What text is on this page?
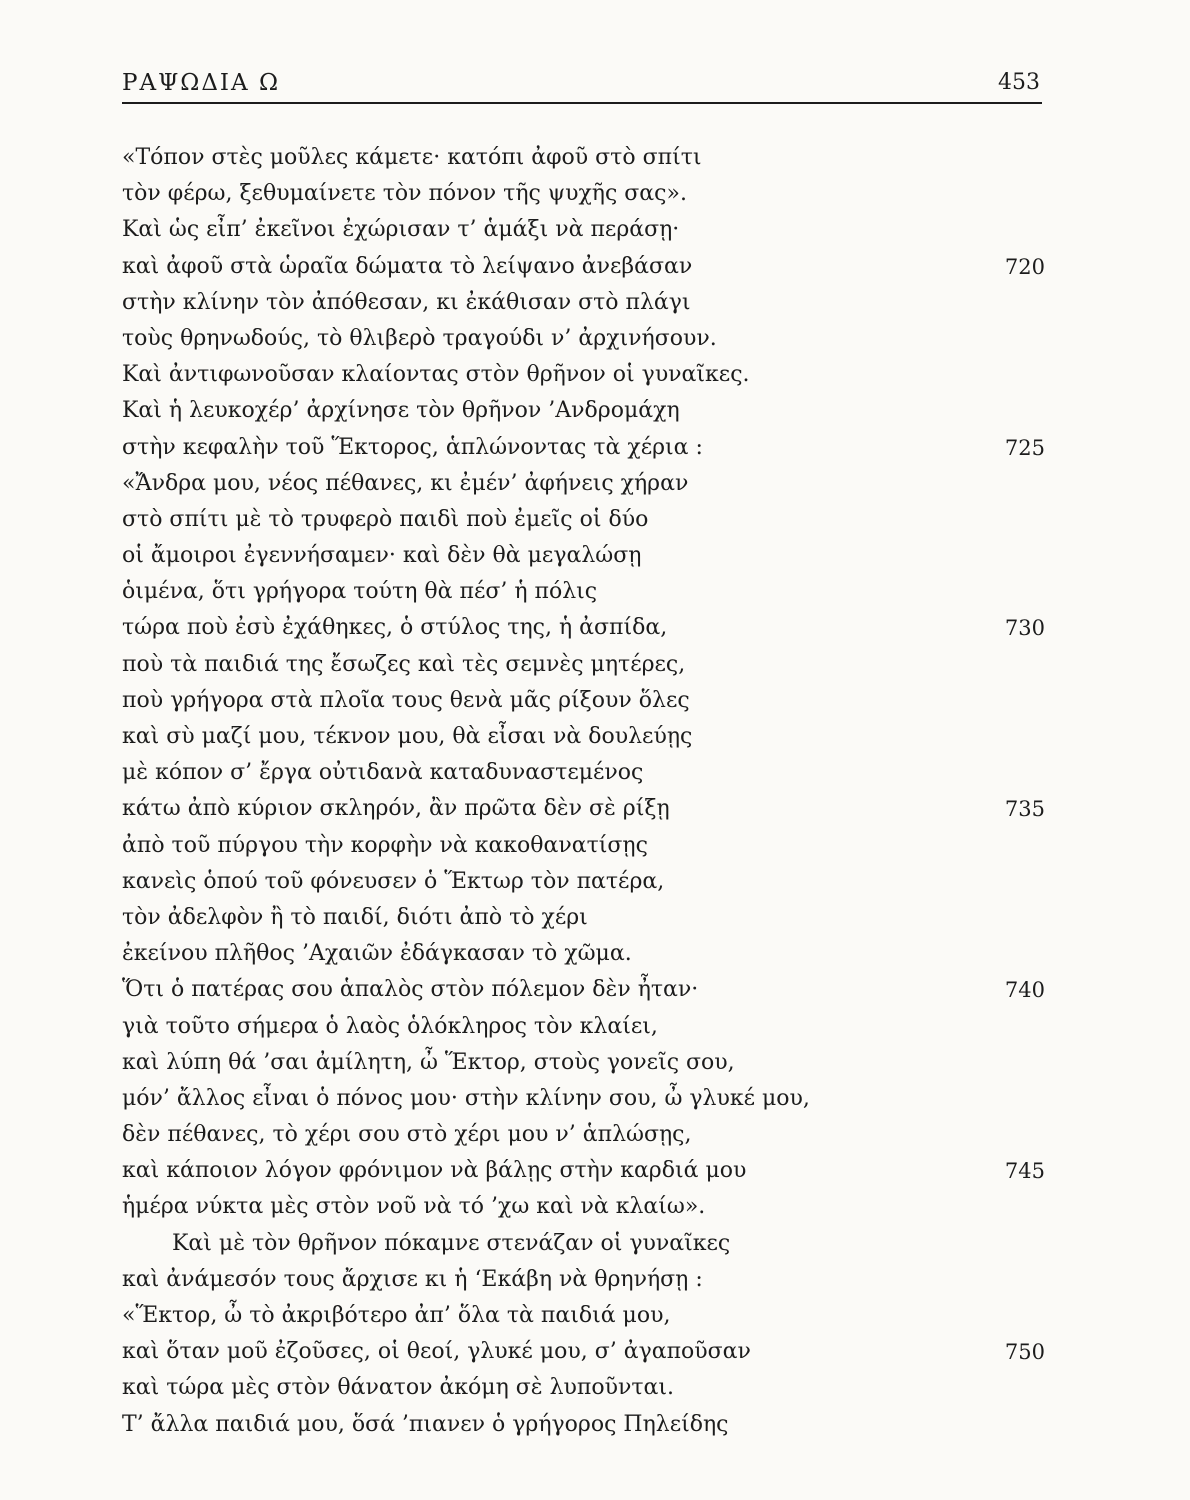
ΡΑΨΩΔΙΑ Ω	453
«Τόπον στὲς μοῦλες κάμετε· κατόπι ἀφοῦ στὸ σπίτι
τὸν φέρω, ξεθυμαίνετε τὸν πόνον τῆς ψυχῆς σας».
Καὶ ὡς εἶπ’ ἐκεῖνοι ἐχώρισαν τ’ ἁμάξι νὰ περάσῃ·
καὶ ἀφοῦ στὰ ὡραῖα δώματα τὸ λείψανο ἀνεβάσαν	720
στὴν κλίνην τὸν ἀπόθεσαν, κι ἐκάθισαν στὸ πλάγι
τοὺς θρηνωδούς, τὸ θλιβερὸ τραγούδι ν’ ἀρχινήσουν.
Καὶ ἀντιφωνοῦσαν κλαίοντας στὸν θρῆνον οἱ γυναῖκες.
Καὶ ἡ λευκοχέρ’ ἀρχίνησε τὸν θρῆνον ’Ανδρομάχη
στὴν κεφαλὴν τοῦ Ἕκτορος, ἁπλώνοντας τὰ χέρια :	725
«Ἄνδρα μου, νέος πέθανες, κι ἐμέν’ ἀφήνεις χήραν
στὸ σπίτι μὲ τὸ τρυφερὸ παιδὶ ποὺ ἐμεῖς οἱ δύο
οἱ ἄμοιροι ἐγεννήσαμεν· καὶ δὲν θὰ μεγαλώσῃ
ὁιμένα, ὅτι γρήγορα τούτη θὰ πέσ’ ἡ πόλις
τώρα ποὺ ἐσὺ ἐχάθηκες, ὁ στύλος της, ἡ ἀσπίδα,	730
ποὺ τὰ παιδιά της ἔσωζες καὶ τὲς σεμνὲς μητέρες,
ποὺ γρήγορα στὰ πλοῖα τους θενὰ μᾶς ρίξουν ὅλες
καὶ σὺ μαζί μου, τέκνον μου, θὰ εἶσαι νὰ δουλεύῃς
μὲ κόπον σ’ ἔργα οὐτιδανὰ καταδυναστεμένος
κάτω ἀπὸ κύριον σκληρόν, ἂν πρῶτα δὲν σὲ ρίξῃ	735
ἀπὸ τοῦ πύργου τὴν κορφὴν νὰ κακοθανατίσῃς
κανεὶς ὁπού τοῦ φόνευσεν ὁ Ἕκτωρ τὸν πατέρα,
τὸν ἀδελφὸν ἢ τὸ παιδί, διότι ἀπὸ τὸ χέρι
ἐκείνου πλῆθος ’Αχαιῶν ἐδάγκασαν τὸ χῶμα.
Ὅτι ὁ πατέρας σου ἁπαλὸς στὸν πόλεμον δὲν ἦταν·	740
γιὰ τοῦτο σήμερα ὁ λαὸς ὁλόκληρος τὸν κλαίει,
καὶ λύπη θά ’σαι ἀμίλητη, ὦ Ἕκτορ, στοὺς γονεῖς σου,
μόν’ ἄλλος εἶναι ὁ πόνος μου· στὴν κλίνην σου, ὦ γλυκέ μου,
δὲν πέθανες, τὸ χέρι σου στὸ χέρι μου ν’ ἁπλώσῃς,
καὶ κάποιον λόγον φρόνιμον νὰ βάλῃς στὴν καρδιά μου	745
ἡμέρα νύκτα μὲς στὸν νοῦ νὰ τό ’χω καὶ νὰ κλαίω».
Καὶ μὲ τὸν θρῆνον πόκαμνε στενάζαν οἱ γυναῖκες
καὶ ἀνάμεσόν τους ἄρχισε κι ἡ ‘Εκάβη νὰ θρηνήσῃ :
«Ἕκτορ, ὦ τὸ ἀκριβότερο ἀπ’ ὅλα τὰ παιδιά μου,
καὶ ὅταν μοῦ ἐζοῦσες, οἱ θεοί, γλυκέ μου, σ’ ἀγαποῦσαν	750
καὶ τώρα μὲς στὸν θάνατον ἀκόμη σὲ λυποῦνται.
Τ’ ἄλλα παιδιά μου, ὅσά ’πιανεν ὁ γρήγορος Πηλείδης
